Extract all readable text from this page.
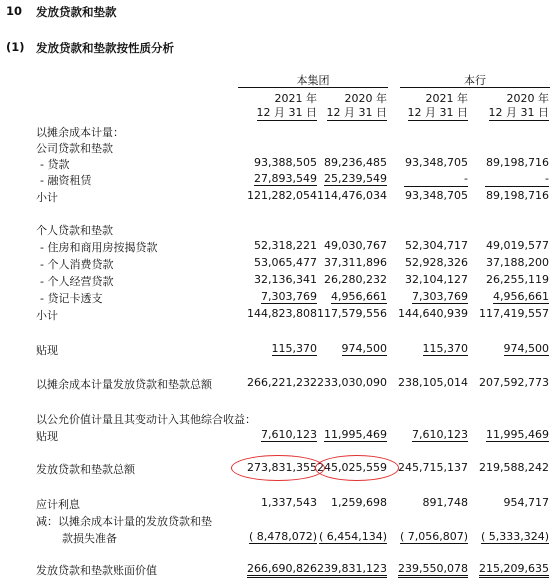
10 发放贷款和垫款
(1) 发放贷款和垫款按性质分析
本集团	本行
2021 年	2020 年	2021 年	2020 年
12 月 31 日 12 月 31 日 12 月 31 日 12 月 31 日
以摊余成本计量：
公司贷款和垫款
- 贷款	93,388,505 89,236,485 93,348,705 89,198,716
- 融资租赁	27,893,549 25,239,549	-	-
小计	121,282,054 114,476,034 93,348,705 89,198,716
个人贷款和垫款
- 住房和商用房按揭贷款	52,318,221 49,030,767 52,304,717 49,019,577
- 个人消费贷款	53,065,477 37,311,896 52,928,326 37,188,200
- 个人经营贷款	32,136,341 26,280,232 32,104,127 26,255,119
- 贷记卡透支	7,303,769 4,956,661 7,303,769 4,956,661
小计	144,823,808 117,579,556 144,640,939 117,419,557
贴现	115,370 974,500	115,370	974,500
以摊余成本计量发放贷款和垫款总额	266,221,232 233,030,090 238,105,014 207,592,773
以公允价值计量且其变动计入其他综合收益：
贴现	7,610,123 11,995,469 7,610,123 11,995,469
发放贷款和垫款总额	273,831,355 245,025,559 245,715,137 219,588,242
应计利息	1,337,543 1,259,698	891,748	954,717
减：以摊余成本计量的发放贷款和垫
款损失准备	( 8,478,072) ( 6,454,134) ( 7,056,807) ( 5,333,324)
发放贷款和垫款账面价值	266,690,826 239,831,123 239,550,078 215,209,635
